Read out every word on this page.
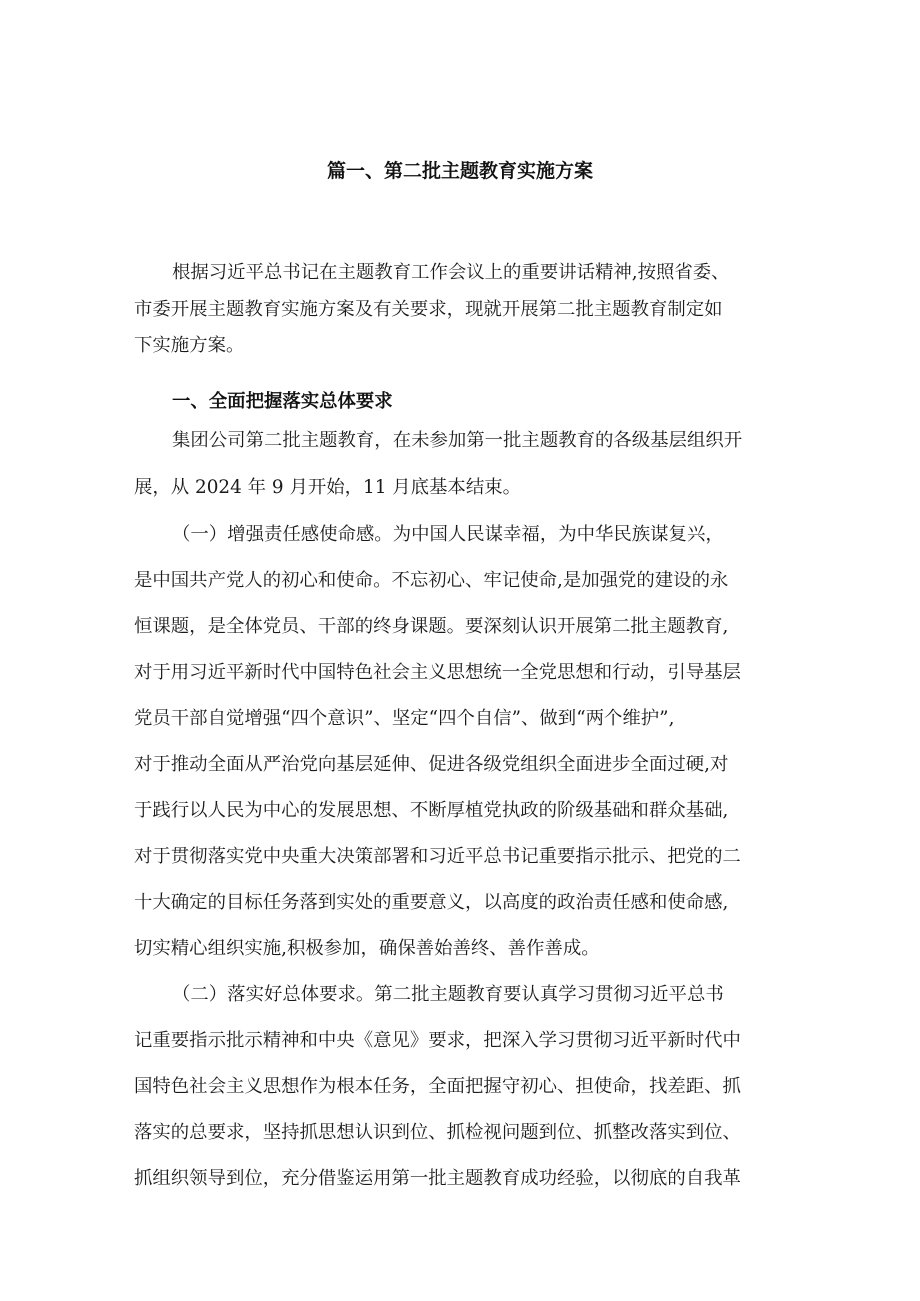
篇一、第二批主题教育实施方案
根据习近平总书记在主题教育工作会议上的重要讲话精神,按照省委、
市委开展主题教育实施方案及有关要求，现就开展第二批主题教育制定如
下实施方案。
一、全面把握落实总体要求
集团公司第二批主题教育，在未参加第一批主题教育的各级基层组织开
展，从 2024 年 9 月开始，11 月底基本结束。
（一）增强责任感使命感。为中国人民谋幸福，为中华民族谋复兴，
是中国共产党人的初心和使命。不忘初心、牢记使命,是加强党的建设的永
恒课题，是全体党员、干部的终身课题。要深刻认识开展第二批主题教育,
对于用习近平新时代中国特色社会主义思想统一全党思想和行动，引导基层
党员干部自觉增强“四个意识”、坚定“四个自信”、做到“两个维护”,
对于推动全面从严治党向基层延伸、促进各级党组织全面进步全面过硬,对
于践行以人民为中心的发展思想、不断厚植党执政的阶级基础和群众基础,
对于贯彻落实党中央重大决策部署和习近平总书记重要指示批示、把党的二
十大确定的目标任务落到实处的重要意义，以高度的政治责任感和使命感,
切实精心组织实施,积极参加，确保善始善终、善作善成。
（二）落实好总体要求。第二批主题教育要认真学习贯彻习近平总书
记重要指示批示精神和中央《意见》要求，把深入学习贯彻习近平新时代中
国特色社会主义思想作为根本任务，全面把握守初心、担使命，找差距、抓
落实的总要求，坚持抓思想认识到位、抓检视问题到位、抓整改落实到位、
抓组织领导到位，充分借鉴运用第一批主题教育成功经验，以彻底的自我革
